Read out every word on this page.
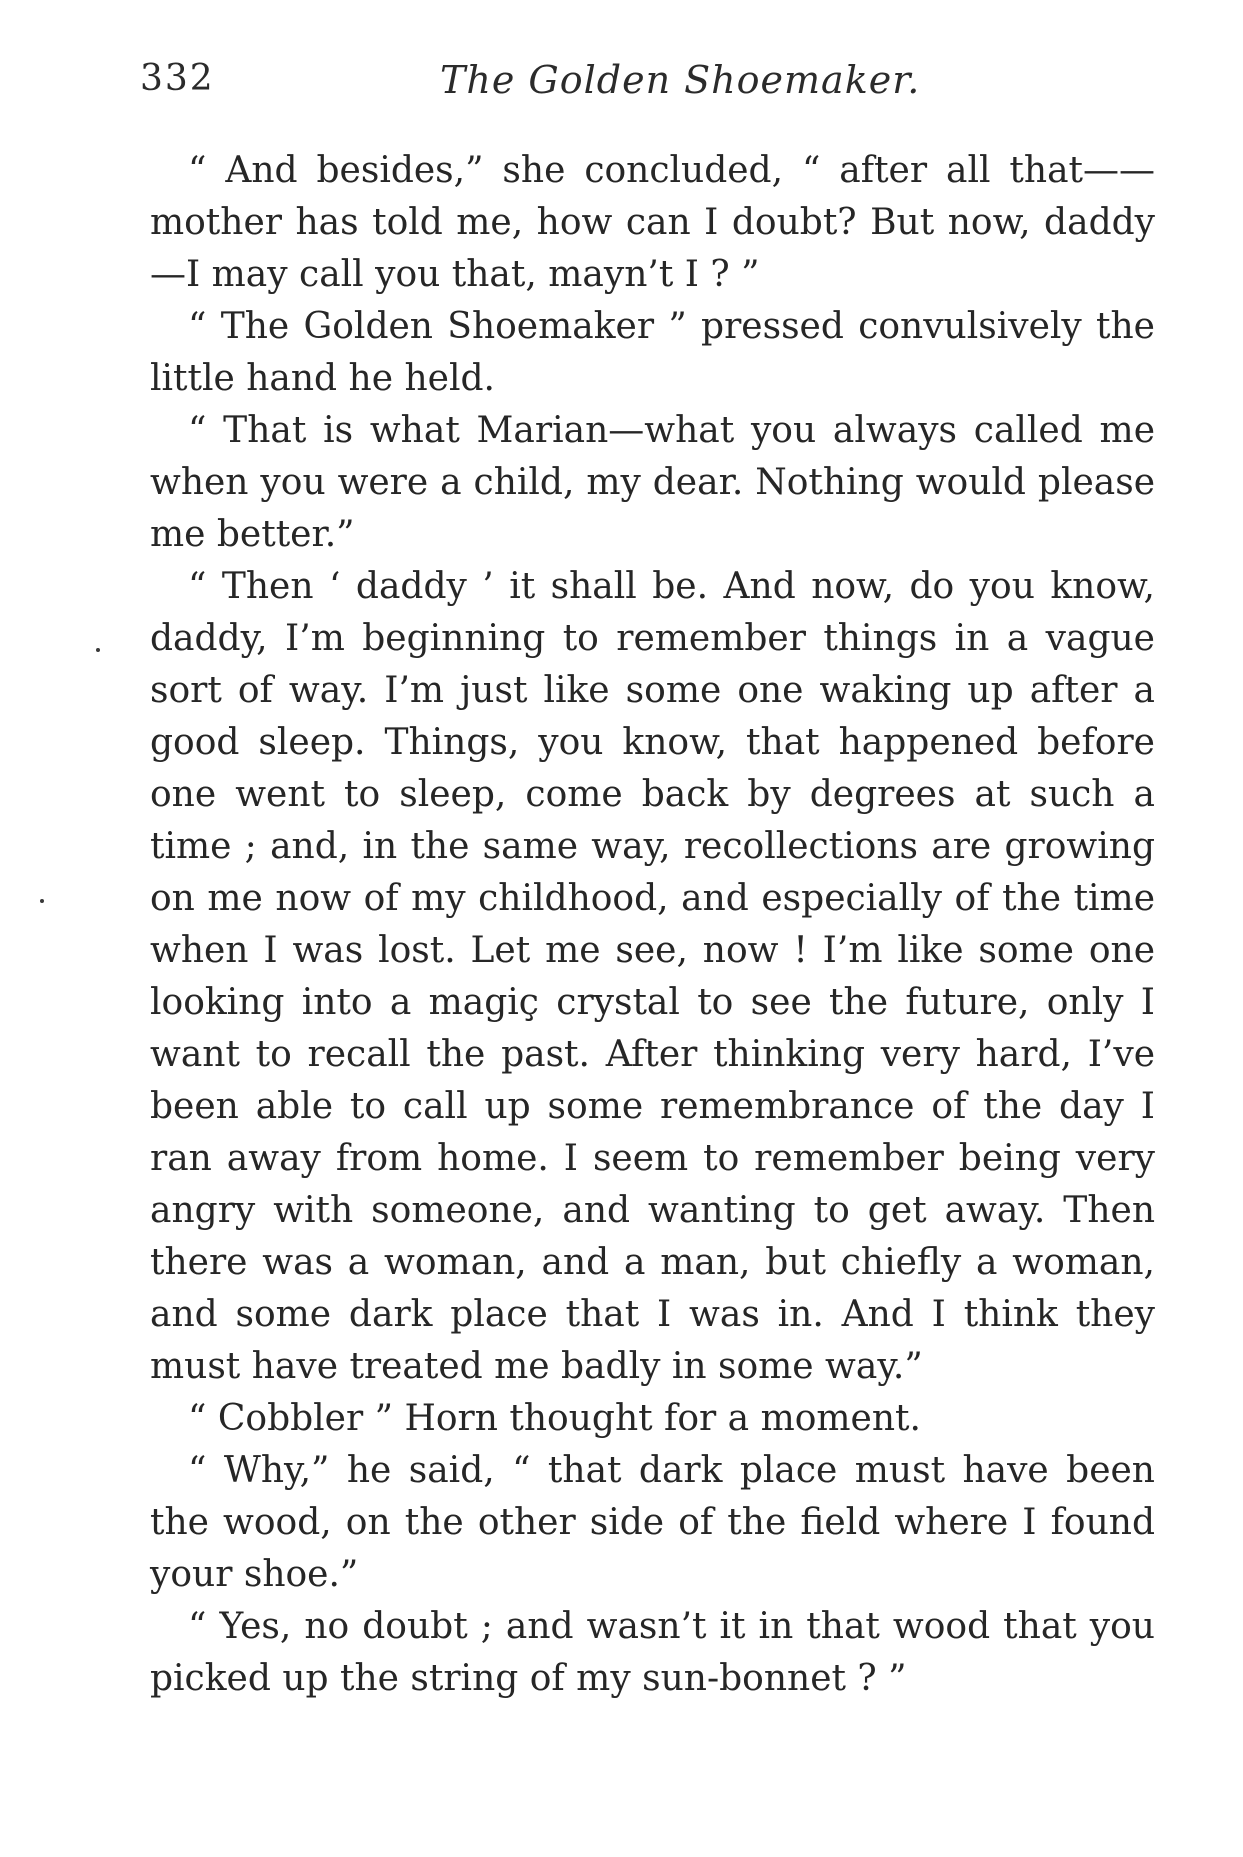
332	The Golden Shoemaker.

“ And besides,” she concluded, “ after all that—— mother has told me, how can I doubt? But now, daddy—I may call you that, mayn’t I ? ”

“ The Golden Shoemaker ” pressed convulsively the little hand he held.

“ That is what Marian—what you always called me when you were a child, my dear. Nothing would please me better.”

“ Then ‘ daddy ’ it shall be. And now, do you know, daddy, I’m beginning to remember things in a vague sort of way. I’m just like some one waking up after a good sleep. Things, you know, that happened before one went to sleep, come back by degrees at such a time ; and, in the same way, recollections are growing on me now of my childhood, and especially of the time when I was lost. Let me see, now ! I’m like some one looking into a magiç crystal to see the future, only I want to recall the past. After thinking very hard, I’ve been able to call up some remembrance of the day I ran away from home. I seem to remember being very angry with someone, and wanting to get away. Then there was a woman, and a man, but chiefly a woman, and some dark place that I was in. And I think they must have treated me badly in some way.”

“ Cobbler ” Horn thought for a moment.

“ Why,” he said, “ that dark place must have been the wood, on the other side of the field where I found your shoe.”

“ Yes, no doubt ; and wasn’t it in that wood that you picked up the string of my sun-bonnet ? ”
